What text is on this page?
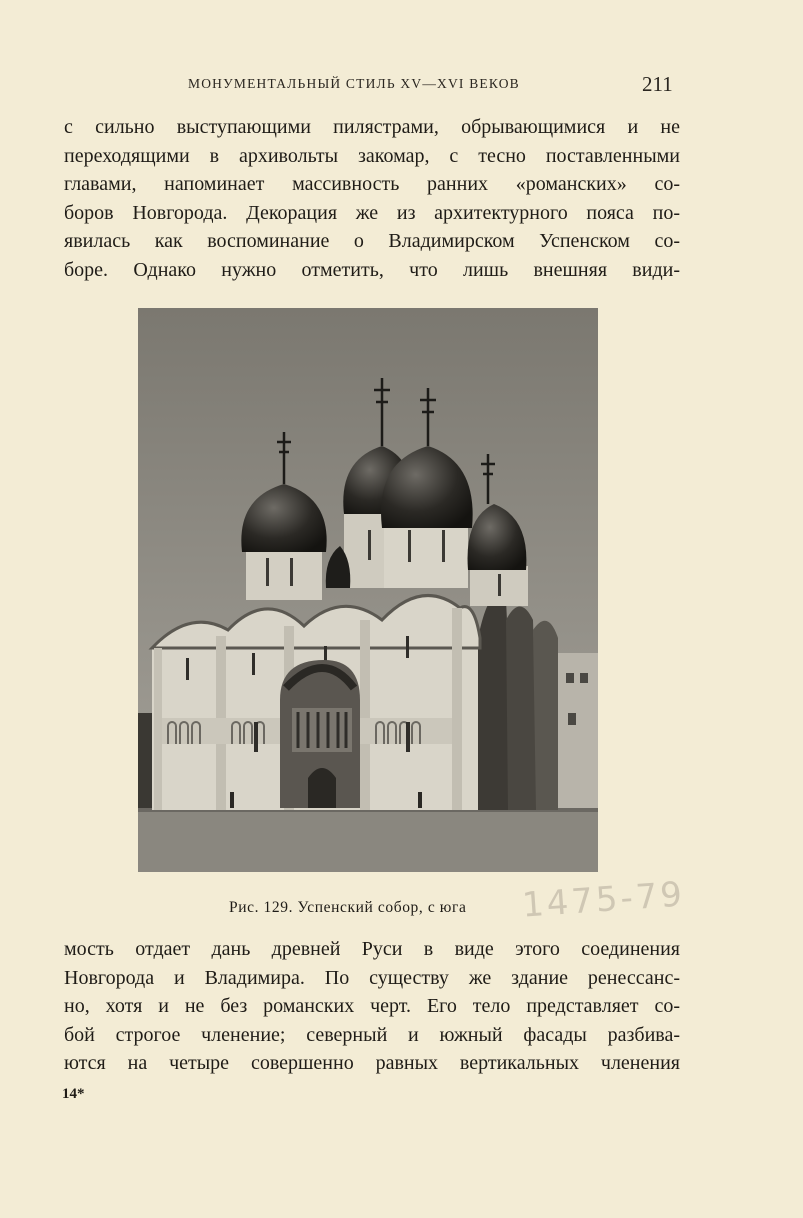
МОНУМЕНТАЛЬНЫЙ СТИЛЬ XV—XVI ВЕКОВ	211
с сильно выступающими пилястрами, обрывающимися и не
переходящими в архивольты закомар, с тесно поставленными
главами, напоминает массивность ранних «романских» со-
боров Новгорода. Декорация же из архитектурного пояса по-
явилась как воспоминание о Владимирском Успенском со-
боре. Однако нужно отметить, что лишь внешняя види-
Рис. 129. Успенский собор, с юга 1475-79
мость отдает дань древней Руси в виде этого соединения
Новгорода и Владимира. По существу же здание ренессанс-
но, хотя и не без романских черт. Его тело представляет со-
бой строгое членение; северный и южный фасады разбива-
ются на четыре совершенно равных вертикальных членения
14*
